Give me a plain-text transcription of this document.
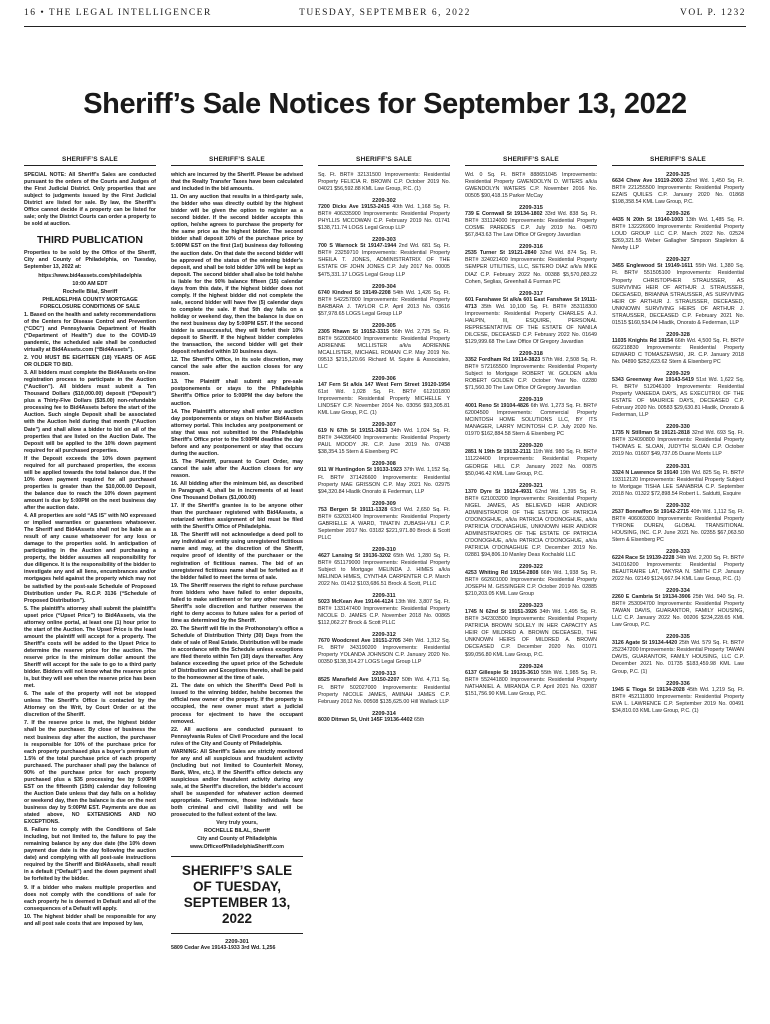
16 • THE LEGAL INTELLIGENCER	TUESDAY, SEPTEMBER 6, 2022	VOL P. 1232
Sheriff’s Sale Notices for September 13, 2022
SHERIFF’S SALE
SPECIAL NOTE: All Sheriff’s Sales are conducted pursuant to the orders of the Courts and Judges of the First Judicial District. Only properties that are subject to judgments issued by the First Judicial District are listed for sale. By law, the Sheriff’s Office cannot decide if a property can be listed for sale; only the District Courts can order a property to be sold at auction.
THIRD PUBLICATION
Properties to be sold by the Office of the Sheriff, City and County of Philadelphia, on Tuesday, September 13, 2022 at:
https://www.bid4assets.com/philadelphia
10:00 AM EDT
Rochelle Bilal, Sheriff
PHILADELPHIA COUNTY MORTGAGE FORECLOSURE CONDITIONS OF SALE
1. Based on the health and safety recommendations of the Centers for Disease Control and Prevention (“CDC”) and Pennsylvania Department of Health (“Department of Health”) due to the COVID-19 pandemic, the scheduled sale shall be conducted virtually at Bid4Assets.com (“Bid4Assets”).
2. YOU MUST BE EIGHTEEN (18) YEARS OF AGE OR OLDER TO BID.
3. All bidders must complete the Bid4Assets on-line registration process to participate in the Auction (“Auction”). All bidders must submit a Ten Thousand Dollars ($10,000.00) deposit (“Deposit”) plus a Thirty-Five Dollars ($35.00) non-refundable processing fee to Bid4Assets before the start of the Auction. Such single Deposit shall be associated with the Auction held during that month (“Auction Date”) and shall allow a bidder to bid on all of the properties that are listed on the Auction Date. The Deposit will be applied to the 10% down payment required for all purchased properties.
If the Deposit exceeds the 10% down payment required for all purchased properties, the excess will be applied towards the total balance due. If the 10% down payment required for all purchased properties is greater than the $10,000.00 Deposit, the balance due to reach the 10% down payment amount is due by 5:00PM on the next business day after the auction date.
4. All properties are sold “AS IS” with NO expressed or implied warranties or guarantees whatsoever. The Sheriff and Bid4Assets shall not be liable as a result of any cause whatsoever for any loss or damage to the properties sold. In anticipation of participating in the Auction and purchasing a property, the bidder assumes all responsibility for due diligence. It is the responsibility of the bidder to investigate any and all liens, encumbrances and/or mortgages held against the property which may not be satisfied by the post-sale Schedule of Proposed Distribution under Pa. R.C.P. 3136 (“Schedule of Proposed Distribution”).
5. The plaintiff’s attorney shall submit the plaintiff’s upset price (“Upset Price”) to Bid4Assets, via the attorney online portal, at least one (1) hour prior to the start of the Auction. The Upset Price is the least amount the plaintiff will accept for a property. The Sheriff’s costs will be added to the Upset Price to determine the reserve price for the auction. The reserve price is the minimum dollar amount the Sheriff will accept for the sale to go to a third party bidder. Bidders will not know what the reserve price is, but they will see when the reserve price has been met.
6. The sale of the property will not be stopped unless The Sheriff’s Office is contacted by the Attorney on the Writ, by Court Order or at the discretion of the Sheriff.
7. If the reserve price is met, the highest bidder shall be the purchaser. By close of business the next business day after the auction, the purchaser is responsible for 10% of the purchase price for each property purchased plus a buyer’s premium of 1.5% of the total purchase price of each property purchased. The purchaser shall pay the balance of 90% of the purchase price for each property purchased plus a $35 processing fee by 5:00PM EST on the fifteenth (15th) calendar day following the Auction Date unless that day falls on a holiday or weekend day, then the balance is due on the next business day by 5:00PM EST. Payments are due as stated above, NO EXTENSIONS AND NO EXCEPTIONS.
8. Failure to comply with the Conditions of Sale including, but not limited to, the failure to pay the remaining balance by any due date (the 10% down payment due date is the day following the auction date) and complying with all post-sale instructions required by the Sheriff and Bid4Assets, shall result in a default (“Default”) and the down payment shall be forfeited by the bidder.
9. If a bidder who makes multiple properties and does not comply with the conditions of sale for each property he is deemed in Default and all of the consequences of a Default will apply.
10. The highest bidder shall be responsible for any and all post sale costs that are imposed by law,
SHERIFF’S SALE
which are incurred by the Sheriff. Please be advised that the Realty Transfer Taxes have been calculated and included in the bid amounts.
11. On any auction that results in a third-party sale, the bidder who was directly outbid by the highest bidder will be given the option to register as a second bidder. If the second bidder accepts this option, he/she agrees to purchase the property for the same price as the highest bidder. The second bidder shall deposit 10% of the purchase price by 5:00PM EST on the first (1st) business day following the auction date. On that date the second bidder will be approved of the status of the winning bidder’s deposit, and shall be told bidder 10% will be kept as deposit. The second bidder shall also be told he/she is liable for the 90% balance fifteen (15) calendar days from this date, if the highest bidder does not comply. If the highest bidder did not complete the sale, second bidder will have five (5) calendar days to complete the sale. If that 5th day falls on a holiday or weekend day, then the balance is due on the next business day by 5:00PM EST. If the second bidder is unsuccessful, they will forfeit their 10% deposit to Sheriff. If the highest bidder completes the transaction, the second bidder will get their deposit refunded within 10 business days.
12. The Sheriff’s Office, in its sole discretion, may cancel the sale after the auction closes for any reason.
13. The Plaintiff shall submit any pre-sale postponements or stays to the Philadelphia Sheriff’s Office prior to 5:00PM the day before the auction.
14. The Plaintiff’s attorney shall enter any auction day postponements or stays on his/her Bid4Assets attorney portal. This includes any postponement or stay that was not submitted to the Philadelphia Sheriff’s Office prior to the 5:00PM deadline the day before and any postponement or stay that occurs during the auction.
15. The Plaintiff, pursuant to Court Order, may cancel the sale after the Auction closes for any reason.
16. All bidding after the minimum bid, as described in Paragraph 4, shall be in increments of at least One Thousand Dollars ($1,000.00)
17. If the Sheriff’s grantee is to be anyone other than the purchaser registered with Bid4Assets, a notarized written assignment of bid must be filed with the Sheriff’s Office of Philadelphia.
18. The Sheriff will not acknowledge a deed poll to any individual or entity using unregistered fictitious name and may, at the discretion of the Sheriff, require proof of identity of the purchaser or the registration of fictitious names. The bid of an unregistered fictitious name shall be forfeited as if the bidder failed to meet the terms of sale.
19. The Sheriff reserves the right to refuse purchase from bidders who have failed to enter deposits, failed to make settlement or for any other reason at Sheriff’s sole discretion and further reserves the right to deny access to future sales for a period of time as determined by the Sheriff.
20. The Sheriff will file in the Prothonotary’s office a Schedule of Distribution Thirty (30) Days from the date of sale of Real Estate. Distribution will be made in accordance with the Schedule unless exceptions are filed thereto within Ten (10) days thereafter. Any balance exceeding the upset price of the Schedule of Distribution and Exceptions thereto, shall be paid to the homeowner at the time of sale.
21. The date on which the Sheriff’s Deed Poll is issued to the winning bidder, he/she becomes the official new owner of the property. If the property is occupied, the new owner must start a judicial process for ejectment to have the occupant removed.
22. All auctions are conducted pursuant to Pennsylvania Rules of Civil Procedure and the local rules of the City and County of Philadelphia.
WARNING: All Sheriff’s Sales are strictly monitored for any and all suspicious and fraudulent activity (including but not limited to Counterfeit Money, Bank, Wire, etc.). If the Sheriff’s office detects any suspicious and/or fraudulent activity during any sale, at the Sheriff’s discretion, the bidder’s account shall be suspended for whatever action deemed appropriate. Furthermore, those individuals face both criminal and civil liability and will be prosecuted to the fullest extent of the law.
Very truly yours,
ROCHELLE BILAL, Sheriff
City and County of Philadelphia
www.OfficeofPhiladelphiaSheriff.com
SHERIFF’S SALE OF TUESDAY, SEPTEMBER 13, 2022
2209-301
5809 Cedar Ave 19143-1933 3rd Wd. 1,256
SHERIFF’S SALE
Sq. Ft. BRT# 32131500 Improvements: Residential Property FELICIA R. BROWN C.P. October 2019 No. 04021 $56,592.88 KML Law Group, P.C. (1)
2209-302
7200 Dicks Ave 19153-2415 40th Wd. 1,168 Sq. Ft. BRT# 406335900 Improvements: Residential Property PHYLLIS MCCOWAN C.P. February 2019 No. 01741 $138,711.74 LOGS Legal Group LLP
2209-303
700 S Warnock St 19147-1944 2nd Wd. 681 Sq. Ft. BRT# 23259710 Improvements: Residential Property SHEILA T. JONES, ADMINISTRATRIX OF THE ESTATE OF JOHN JONES C.P. July 2017 No. 00005 $475,331.17 LOGS Legal Group LLP
2209-304
6740 Kindred St 19149-2208 54th Wd. 1,426 Sq. Ft. BRT# 542257800 Improvements: Residential Property BARBARA J. TAYLOR C.P. April 2013 No. 03616 $57,978.65 LOGS Legal Group LLP
2209-305
2305 Rhawn St 19152-3315 56th Wd. 2,725 Sq. Ft. BRT# 562008400 Improvements: Residential Property ADRIENNE MCLLISTER a/k/a ADRIENNE MCALLISTER, MICHAEL ROMAN C.P. May 2019 No. 09513 $215,120.66 Richard M. Squire & Associates, LLC
2209-306
147 Fern St a/k/a 147 West Fern Street 19120-1954 61st Wd. 1,028 Sq. Ft. BRT# 612101800 Improvements: Residential Property MICHELLE Y LINDSEY C.P. November 2014 No. 03056 $93,305.81 KML Law Group, P.C. (1)
2209-307
619 N 67th St 19151-3613 34th Wd. 1,024 Sq. Ft. BRT# 344396400 Improvements: Residential Property PAUL MOODY JR. C.P. June 2019 No. 07438 $38,354.15 Stern & Eisenberg PC
2209-308
911 W Huntingdon St 19133-1923 37th Wd. 1,152 Sq. Ft. BRT# 371426600 Improvements: Residential Property MAE GRISSON C.P. May 2021 No. 02975 $94,320.84 Hladik Onorato & Federman, LLP
2209-309
753 Bergen St 19111-1328 63rd Wd. 2,650 Sq. Ft. BRT# 632031400 Improvements: Residential Property GABRIELLE A WARD, TINATIN ZUBASH-VILI C.P. September 2017 No. 03182 $221,971.80 Brock & Scott PLLC
2209-310
4627 Lansing St 19136-3202 65th Wd. 1,280 Sq. Ft. BRT# 651179000 Improvements: Residential Property Subject to Mortgage MELINDA J. HIMES a/k/a MELINDA HIMES, CYNTHIA CARPENTER C.P. March 2022 No. 01412 $103,686.51 Brock & Scott, PLLC
2209-311
5023 McKean Ave 19144-4124 13th Wd. 3,807 Sq. Ft. BRT# 133147400 Improvements: Residential Property NICOLE D. JAMES C.P. November 2018 No. 00865 $112,062.27 Brock & Scott PLLC
2209-312
7670 Woodcrest Ave 19151-2705 34th Wd. 1,312 Sq. Ft. BRT# 343190200 Improvements: Residential Property YOLANDA JOHNSON C.P. January 2020 No. 00350 $138,314.27 LOGS Legal Group LLP
2209-313
8525 Mansfield Ave 19150-2207 50th Wd. 4,711 Sq. Ft. BRT# 502027000 Improvements: Residential Property NICOLE JAMES, AMINAH JAMES C.P. February 2012 No. 00508 $135,625.00 Hill Wallack LLP
2209-314
8030 Ditman St, Unit 145F 19136-4402 65th
SHERIFF’S SALE
Wd. 0 Sq. Ft. BRT# 888651045 Improvements: Residential Property GWENDOLYN D. WITERS a/k/a GWENDOLYN WATERS C.P. November 2016 No. 00505 $90,418.15 Parker McCay
2209-315
739 E Cornwall St 19134-1802 33rd Wd. 838 Sq. Ft. BRT# 331124000 Improvements: Residential Property COSME PAREDES C.P. July 2019 No. 04570 $67,843.63 The Law Office Of Gregory Javardian
2209-316
2535 Turner St 19121-2840 32nd Wd. 874 Sq. Ft. BRT# 324021400 Improvements: Residential Property SEMPER UTILITIES, LLC, SETERO DIAZ a/k/a MIKE DIAZ C.P. February 2022 No. 00388 $5,570,083.22 Cohen, Seglias, Greenhall & Furman PC
2209-317
601 Fanshawe St a/k/a 601 East Fanshawe St 19111-4713 35th Wd. 10,100 Sq. Ft. BRT# 353118300 Improvements: Residential Property CHARLES A.J. HALPIN, III, ESQUIRE, PERSONAL REPRESENTATIVE OF THE ESTATE OF NANILA DILCESE, DECEASED C.P. February 2022 No. 01649 $129,999.68 The Law Office Of Gregory Javardian
2209-318
3352 Fordham Rd 19114-3823 57th Wd. 2,508 Sq. Ft. BRT# 572165500 Improvements: Residential Property Subject to Mortgage ROBERT W. GOLDEN a/k/a ROBERT GOLDEN C.P. October Year No. 02280 $71,560.30 The Law Office Of Gregory Javardian
2209-319
4001 Reno St 19104-4826 6th Wd. 1,273 Sq. Ft. BRT# 62004500 Improvements: Commercial Property MCINTOSH HOME SOLUTIONS LLC, BY ITS MANAGER, LARRY MCINTOSH C.P. July 2020 No. 01970 $162,884.58 Stern & Eisenberg PC
2209-320
2851 N 19th St 19132-2111 11th Wd. 980 Sq. Ft. BRT# 111224400 Improvements: Residential Property GEORGE HILL C.P. January 2022 No. 00875 $50,046.42 KML Law Group, P.C.
2209-321
1370 Dyre St 19124-4931 62nd Wd. 1,395 Sq. Ft. BRT# 621003200 Improvements: Residential Property NIGEL JAMES, AS BELIEVED HEIR AND/OR ADMINISTRATOR OF THE ESTATE OF PATRICIA O’DONOGHUE, a/k/a PATRICIA O’DONOGHUE, a/k/a PATRICIA O’DONAGHUE, UNKNOWN HEIR AND/OR ADMINISTRATORS OF THE ESTATE OF PATRICIA O’DONOGHUE, a/k/a PATRICIA O’DONOGHUE, a/k/a PATRICIA O’DONAGHUE C.P. December 2019 No. 02881 $94,806.10 Manley Deas Kochalski LLC
2209-322
4253 Whiting Rd 19154-2808 66th Wd. 1,938 Sq. Ft. BRT# 662601000 Improvements: Residential Property JOSEPH M. GISSINGER C.P. October 2019 No. 02885 $210,203.05 KML Law Group
2209-323
1745 N 62nd St 19151-3926 34th Wd. 1,495 Sq. Ft. BRT# 342303500 Improvements: Residential Property PATRICIA BROWN SOLELY IN HER CAPACITY AS HEIR OF MILDRED A. BROWN DECEASED, THE UNKNOWN HEIRS OF MILDRED A. BROWN DECEASED C.P. December 2020 No. 01071 $99,056.80 KML Law Group, P.C.
2209-324
6137 Gillespie St 19135-3610 55th Wd. 1,985 Sq. Ft. BRT# 552441800 Improvements: Residential Property NATHANIEL A. MIRANDA C.P. April 2021 No. 02087 $151,756.90 KML Law Group, P.C.
SHERIFF’S SALE
2209-325
6634 Chew Ave 19119-2003 22nd Wd. 1,450 Sq. Ft. BRT# 221255500 Improvements: Residential Property EZAIS QUILES C.P. January 2020 No. 01868 $198,358.54 KML Law Group, P.C.
2209-326
4435 N 20th St 19140-1003 13th Wd. 1,485 Sq. Ft. BRT# 132226900 Improvements: Residential Property LOUD GROUP LLC C.P. March 2022 No. 02524 $269,321.55 Weber Gallagher Simpson Stapleton & Newby LLP
2209-327
3455 Englewood St 19149-1611 55th Wd. 1,380 Sq. Ft. BRT# 551505100 Improvements: Residential Property CHRISTOPHER STRAUSSER, AS SURVIVING HEIR OF ARTHUR J. STRAUSSER, DECEASED, BRIANNA STRAUSSER, AS SURVIVING HEIR OF ARTHUR J. STRAUSSER, DECEASED, UNKNOWN SURVIVING HEIRS OF ARTHUR J. STRAUSSER, DECEASED C.P. February 2021 No. 01515 $160,534.04 Hladik, Onorato & Federman, LLP
2209-328
11035 Knights Rd 19154 66th Wd. 4,500 Sq. Ft. BRT# 662218830 Improvements: Residential Property EDWARD C TOMASZEWSKI, JR. C.P. January 2018 No. 04890 $252,623.62 Stern & Eisenberg PC
2209-329
5343 Greenway Ave 19143-5419 51st Wd. 1,622 Sq. Ft. BRT# 512046100 Improvements: Residential Property VANEEDA DAYS, AS EXECUTRIX OF THE ESTATE OF MAURICE DAYS, DECEASED C.P. February 2020 No. 00583 $29,630.81 Hladik, Onorato & Federman, LLP
2209-330
1735 N Stillman St 19121-2818 32nd Wd. 693 Sq. Ft. BRT# 324090800 Improvements: Residential Property THOMAS E. SLOAN, JUDYTH SLOAN C.P. October 2019 No. 01607 $49,737.05 Duane Morris LLP
2209-331
3324 N Lawrence St 19140 19th Wd. 825 Sq. Ft. BRT# 193112120 Improvements: Residential Property Subject to Mortgage TISHA LEE SANABRIA C.P. September 2018 No. 01322 $72,898.54 Robert L. Saldutti, Esquire
2209-332
2537 Bonnaffon St 19142-2715 40th Wd. 1,112 Sq. Ft. BRT# 406069300 Improvements: Residential Property TYRONE DUREN, GLOBAL TRANSITIONAL HOUSING, INC. C.P. June 2021 No. 02355 $67,063.50 Stern & Eisenberg PC
2209-333
6224 Race St 19139-2228 34th Wd. 2,200 Sq. Ft. BRT# 341016200 Improvements: Residential Property BEAUTRAIRE LAT, TAKYRA N. SMITH C.P. January 2022 No. 02149 $124,667.94 KML Law Group, P.C. (1)
2209-334
2260 E Cambria St 19134-3906 25th Wd. 940 Sq. Ft. BRT# 253094700 Improvements: Residential Property TAWAN DAVIS, GUARANTOR, FAMILY HOUSING, LLC C.P. January 2022 No. 00206 $234,228.65 KML Law Group, P.C.
2209-335
3126 Agate St 19134-4420 25th Wd. 579 Sq. Ft. BRT# 252347200 Improvements: Residential Property TAWAN DAVIS, GUARANTOR, FAMILY HOUSING, LLC C.P. December 2021 No. 01735 $183,459.98 KML Law Group, P.C. (1)
2209-336
1945 E Tioga St 19134-2028 45th Wd. 1,219 Sq. Ft. BRT# 452111800 Improvements: Residential Property EVA L. LAWRENCE C.P. September 2019 No. 00491 $34,810.03 KML Law Group, P.C. (1)
